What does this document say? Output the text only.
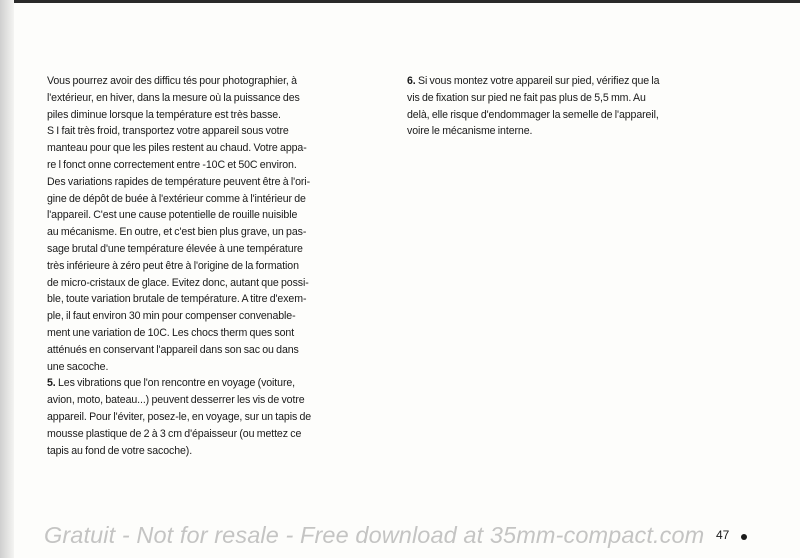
Vous pourrez avoir des difficu tés pour photographier, à
l'extérieur, en hiver, dans la mesure où la puissance des
piles diminue lorsque la température est très basse.
S I fait très froid, transportez votre appareil sous votre
manteau pour que les piles restent au chaud. Votre appa-
re l fonct onne correctement entre -10C et 50C environ.
Des variations rapides de température peuvent être à l'ori-
gine de dépôt de buée à l'extérieur comme à l'intérieur de
l'appareil. C'est une cause potentielle de rouille nuisible
au mécanisme. En outre, et c'est bien plus grave, un pas-
sage brutal d'une température élevée à une température
très inférieure à zéro peut être à l'origine de la formation
de micro-cristaux de glace. Evitez donc, autant que possi-
ble, toute variation brutale de température. A titre d'exem-
ple, il faut environ 30 min pour compenser convenable-
ment une variation de 10C. Les chocs therm ques sont
atténués en conservant l'appareil dans son sac ou dans
une sacoche.
5. Les vibrations que l'on rencontre en voyage (voiture,
avion, moto, bateau...) peuvent desserrer les vis de votre
appareil. Pour l'éviter, posez-le, en voyage, sur un tapis de
mousse plastique de 2 à 3 cm d'épaisseur (ou mettez ce
tapis au fond de votre sacoche).
6. Si vous montez votre appareil sur pied, vérifiez que la
vis de fixation sur pied ne fait pas plus de 5,5 mm. Au
delà, elle risque d'endommager la semelle de l'appareil,
voire le mécanisme interne.
Gratuit - Not for resale - Free download at 35mm-compact.com 47
